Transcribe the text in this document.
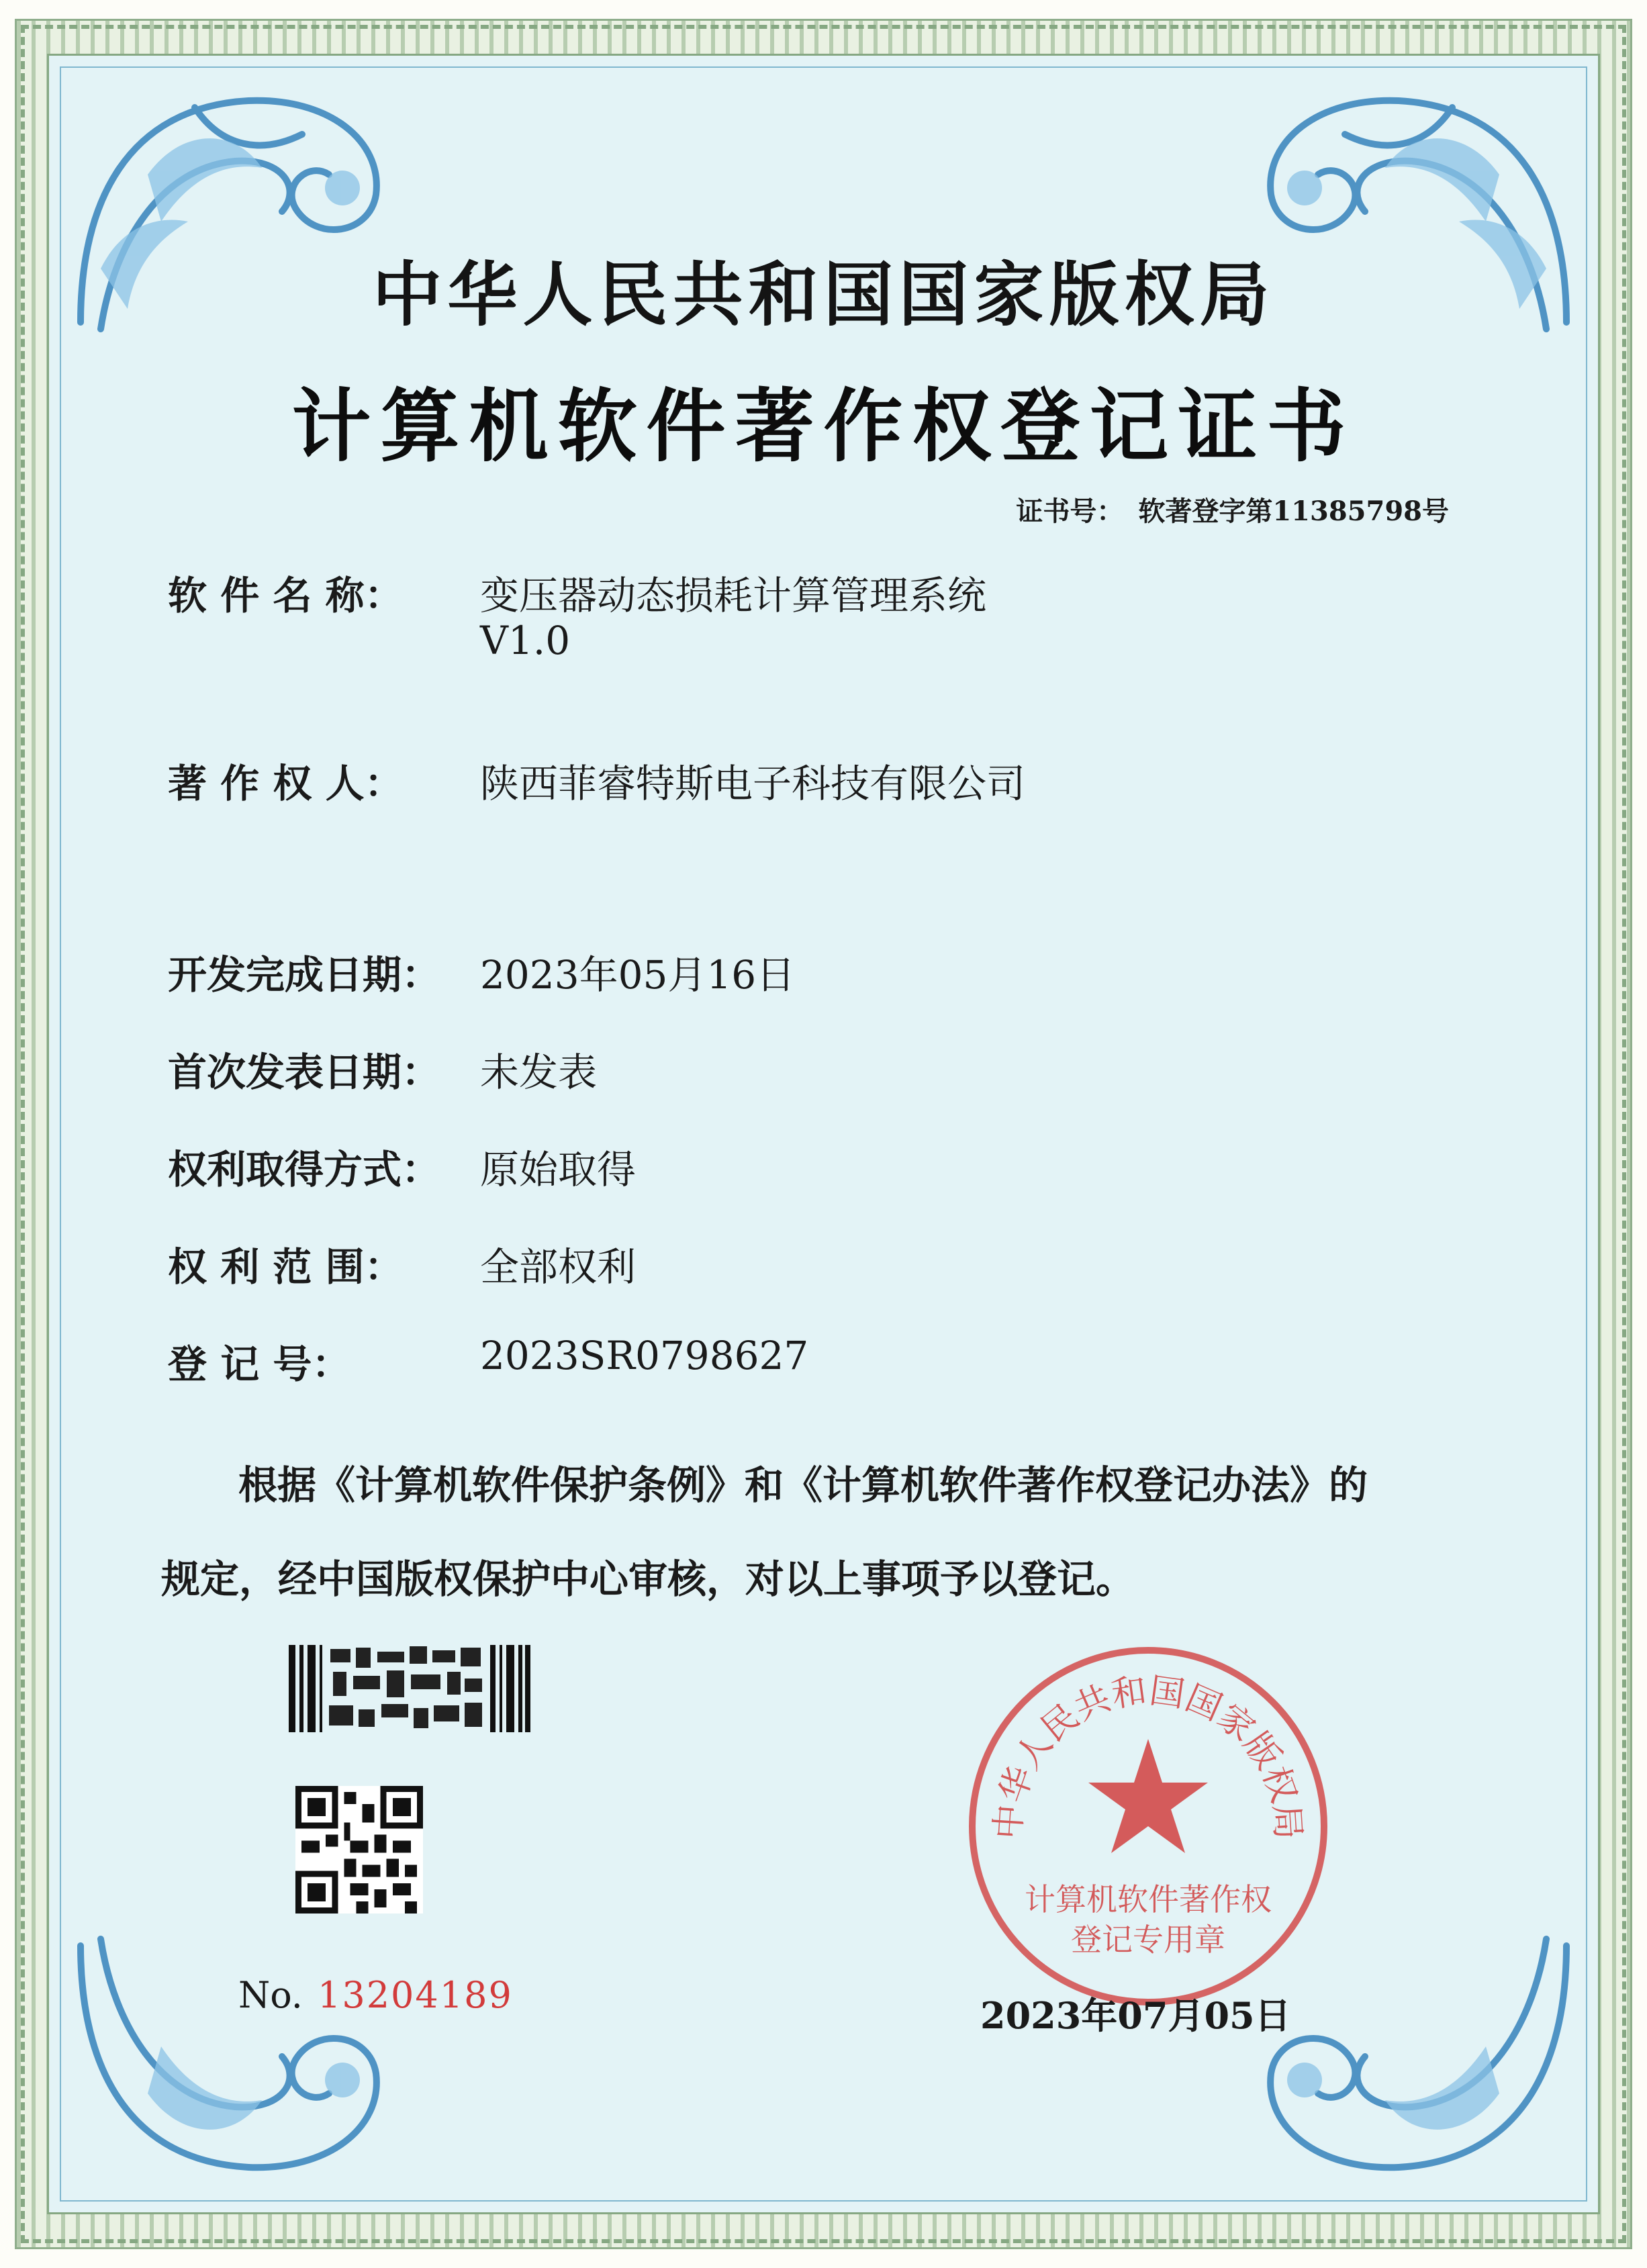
中华人民共和国国家版权局
计算机软件著作权登记证书
证书号： 软著登字第11385798号
软 件 名 称：	变压器动态损耗计算管理系统
V1.0
著 作 权 人：	陕西菲睿特斯电子科技有限公司
开发完成日期： 2023年05月16日
首次发表日期： 未发表
权利取得方式： 原始取得
权 利 范 围：	全部权利
登 记 号：	2023SR0798627
根据《计算机软件保护条例》和《计算机软件著作权登记办法》的
规定，经中国版权保护中心审核，对以上事项予以登记。
No. 13204189
中华人民共和国国家版权局
计算机软件著作权
登记专用章
2023年07月05日
